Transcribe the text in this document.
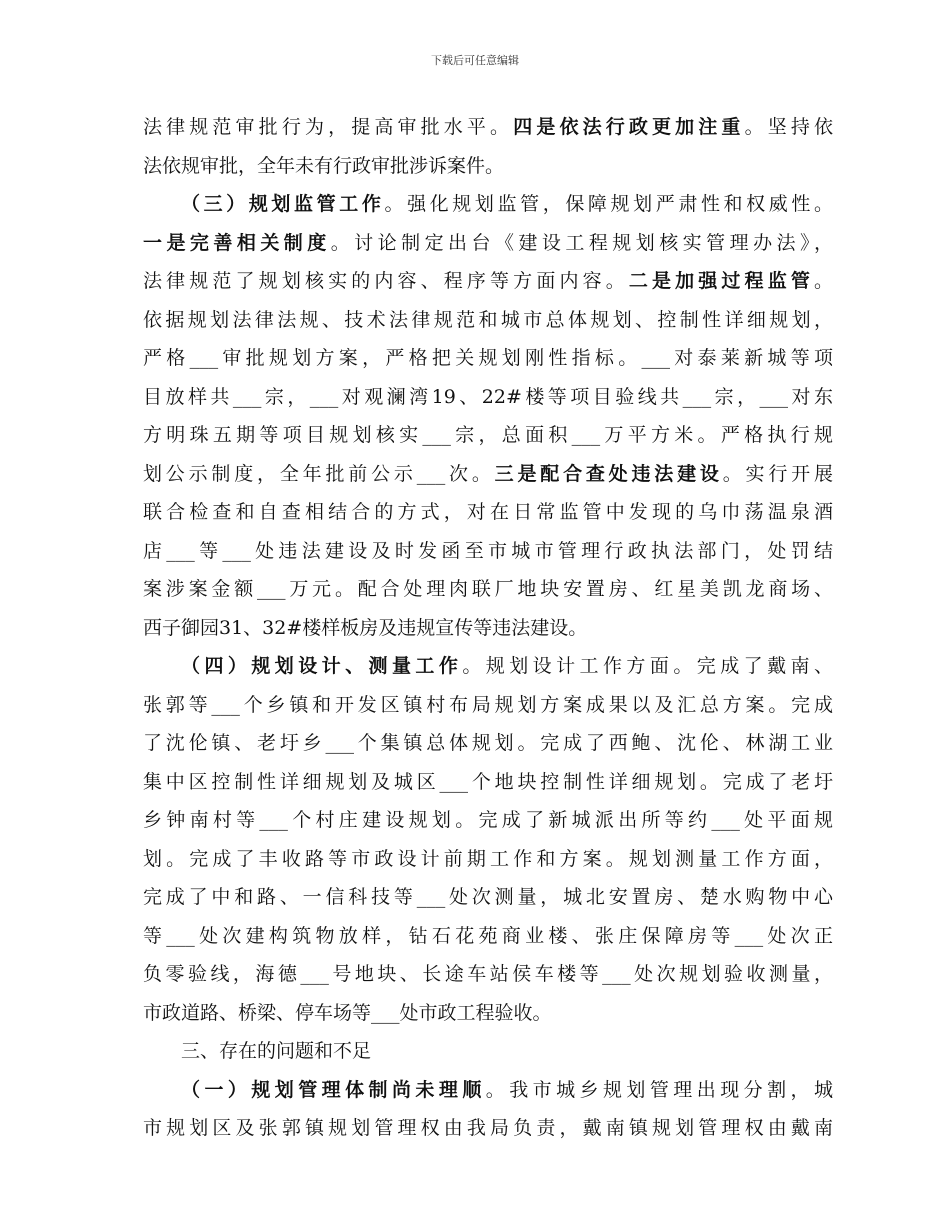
下载后可任意编辑
法律规范审批行为，提高审批水平。四是依法行政更加注重。坚持依
法依规审批，全年未有行政审批涉诉案件。
（三）规划监管工作。强化规划监管，保障规划严肃性和权威性。
一是完善相关制度。讨论制定出台《建设工程规划核实管理办法》，
法律规范了规划核实的内容、程序等方面内容。二是加强过程监管。
依据规划法律法规、技术法律规范和城市总体规划、控制性详细规划，
严格___审批规划方案，严格把关规划刚性指标。___对泰莱新城等项
目放样共___宗，___对观澜湾19、22#楼等项目验线共___宗，___对东
方明珠五期等项目规划核实___宗，总面积___万平方米。严格执行规
划公示制度，全年批前公示___次。三是配合查处违法建设。实行开展
联合检查和自查相结合的方式，对在日常监管中发现的乌巾荡温泉酒
店___等___处违法建设及时发函至市城市管理行政执法部门，处罚结
案涉案金额___万元。配合处理肉联厂地块安置房、红星美凯龙商场、
西子御园31、32#楼样板房及违规宣传等违法建设。
（四）规划设计、测量工作。规划设计工作方面。完成了戴南、
张郭等___个乡镇和开发区镇村布局规划方案成果以及汇总方案。完成
了沈伦镇、老圩乡___个集镇总体规划。完成了西鲍、沈伦、林湖工业
集中区控制性详细规划及城区___个地块控制性详细规划。完成了老圩
乡钟南村等___个村庄建设规划。完成了新城派出所等约___处平面规
划。完成了丰收路等市政设计前期工作和方案。规划测量工作方面，
完成了中和路、一信科技等___处次测量，城北安置房、楚水购物中心
等___处次建构筑物放样，钻石花苑商业楼、张庄保障房等___处次正
负零验线，海德___号地块、长途车站侯车楼等___处次规划验收测量，
市政道路、桥梁、停车场等___处市政工程验收。
三、存在的问题和不足
（一）规划管理体制尚未理顺。我市城乡规划管理出现分割，城
市规划区及张郭镇规划管理权由我局负责，戴南镇规划管理权由戴南
